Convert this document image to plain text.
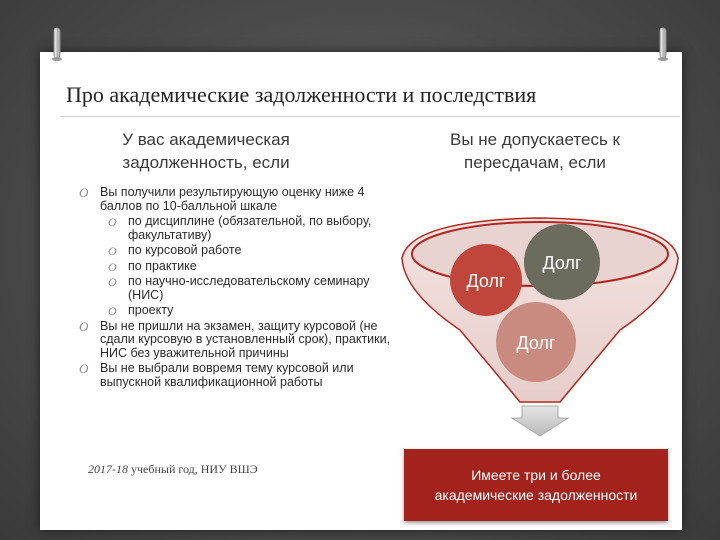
Про академические задолженности и последствия
У вас академическая задолженность, если
Вы не допускаетесь к пересдачам, если
O Вы получили результирующую оценку ниже 4 баллов по 10-балльной шкале
O по дисциплине (обязательной, по выбору, факультативу)
O по курсовой работе
O по практике
O по научно-исследовательскому семинару (НИС)
O проекту
O Вы не пришли на экзамен, защиту курсовой (не сдали курсовую в установленный срок), практики, НИС без уважительной причины
O Вы не выбрали вовремя тему курсовой или выпускной квалификационной работы
2017-18 учебный год, НИУ ВШЭ
Долг
Долг
Долг
Имеете три и более
академические задолженности
